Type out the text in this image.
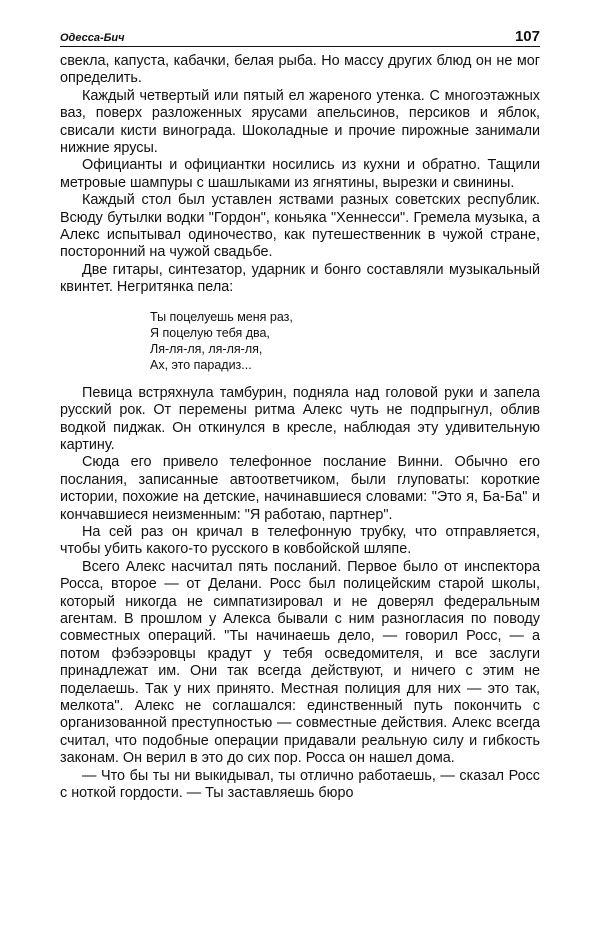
Одесса-Бич	107

свекла, капуста, кабачки, белая рыба. Но массу других блюд он не мог определить.

Каждый четвертый или пятый ел жареного утенка. С многоэтажных ваз, поверх разложенных ярусами апельсинов, персиков и яблок, свисали кисти винограда. Шоколадные и прочие пирожные занимали нижние ярусы.

Официанты и официантки носились из кухни и обратно. Тащили метровые шампуры с шашлыками из ягнятины, вырезки и свинины.

Каждый стол был уставлен яствами разных советских республик. Всюду бутылки водки "Гордон", коньяка "Хеннесси". Гремела музыка, а Алекс испытывал одиночество, как путешественник в чужой стране, посторонний на чужой свадьбе.

Две гитары, синтезатор, ударник и бонго составляли музыкальный квинтет. Негритянка пела:

Ты поцелуешь меня раз,
Я поцелую тебя два,
Ля-ля-ля, ля-ля-ля,
Ах, это парадиз...

Певица встряхнула тамбурин, подняла над головой руки и запела русский рок. От перемены ритма Алекс чуть не подпрыгнул, облив водкой пиджак. Он откинулся в кресле, наблюдая эту удивительную картину.

Сюда его привело телефонное послание Винни. Обычно его послания, записанные автоответчиком, были глуповаты: короткие истории, похожие на детские, начинавшиеся словами: "Это я, Ба-Ба" и кончавшиеся неизменным: "Я работаю, партнер".

На сей раз он кричал в телефонную трубку, что отправляется, чтобы убить какого-то русского в ковбойской шляпе.

Всего Алекс насчитал пять посланий. Первое было от инспектора Росса, второе — от Делани. Росс был полицейским старой школы, который никогда не симпатизировал и не доверял федеральным агентам. В прошлом у Алекса бывали с ним разногласия по поводу совместных операций. "Ты начинаешь дело, — говорил Росс, — а потом фэбээровцы крадут у тебя осведомителя, и все заслуги принадлежат им. Они так всегда действуют, и ничего с этим не поделаешь. Так у них принято. Местная полиция для них — это так, мелкота". Алекс не соглашался: единственный путь покончить с организованной преступностью — совместные действия. Алекс всегда считал, что подобные операции придавали реальную силу и гибкость законам. Он верил в это до сих пор. Росса он нашел дома.

— Что бы ты ни выкидывал, ты отлично работаешь, — сказал Росс с ноткой гордости. — Ты заставляешь бюро
